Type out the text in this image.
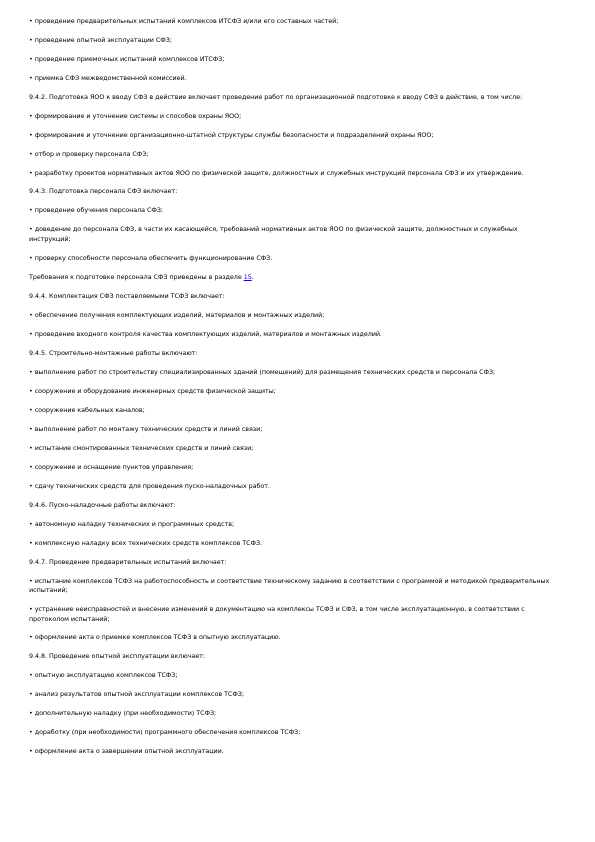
• проведение предварительных испытаний комплексов ИТСФЗ и/или его составных частей;

• проведение опытной эксплуатации СФЗ;

• проведение приемочных испытаний комплексов ИТСФЗ;

• приемка СФЗ межведомственной комиссией.

9.4.2. Подготовка ЯОО к вводу СФЗ в действие включает проведение работ по организационной подготовке к вводу СФЗ в действие, в том числе:

• формирование и уточнение системы и способов охраны ЯОО;

• формирование и уточнение организационно-штатной структуры службы безопасности и подразделений охраны ЯОО;

• отбор и проверку персонала СФЗ;

• разработку проектов нормативных актов ЯОО по физической защите, должностных и служебных инструкций персонала СФЗ и их утверждение.

9.4.3. Подготовка персонала СФЗ включает:

• проведение обучения персонала СФЗ;

• доведение до персонала СФЗ, в части их касающейся, требований нормативных актов ЯОО по физической защите, должностных и служебных инструкций;

• проверку способности персонала обеспечить функционирование СФЗ.

Требования к подготовке персонала СФЗ приведены в разделе 15.

9.4.4. Комплектация СФЗ поставляемыми ТСФЗ включает:

• обеспечение получения комплектующих изделий, материалов и монтажных изделий;

• проведение входного контроля качества комплектующих изделий, материалов и монтажных изделий.

9.4.5. Строительно-монтажные работы включают:

• выполнение работ по строительству специализированных зданий (помещений) для размещения технических средств и персонала СФЗ;

• сооружение и оборудование инженерных средств физической защиты;

• сооружение кабельных каналов;

• выполнение работ по монтажу технических средств и линий связи;

• испытание смонтированных технических средств и линий связи;

• сооружение и оснащение пунктов управления;

• сдачу технических средств для проведения пуско-наладочных работ.

9.4.6. Пуско-наладочные работы включают:

• автономную наладку технических и программных средств;

• комплексную наладку всех технических средств комплексов ТСФЗ.

9.4.7. Проведение предварительных испытаний включает:

• испытание комплексов ТСФЗ на работоспособность и соответствие техническому заданию в соответствии с программой и методикой предварительных испытаний;

• устранение неисправностей и внесение изменений в документацию на комплексы ТСФЗ и СФЗ, в том числе эксплуатационную, в соответствии с протоколом испытаний;

• оформление акта о приемке комплексов ТСФЗ в опытную эксплуатацию.

9.4.8. Проведение опытной эксплуатации включает:

• опытную эксплуатацию комплексов ТСФЗ;

• анализ результатов опытной эксплуатации комплексов ТСФЗ;

• дополнительную наладку (при необходимости) ТСФЗ;

• доработку (при необходимости) программного обеспечения комплексов ТСФЗ;

• оформление акта о завершении опытной эксплуатации.
